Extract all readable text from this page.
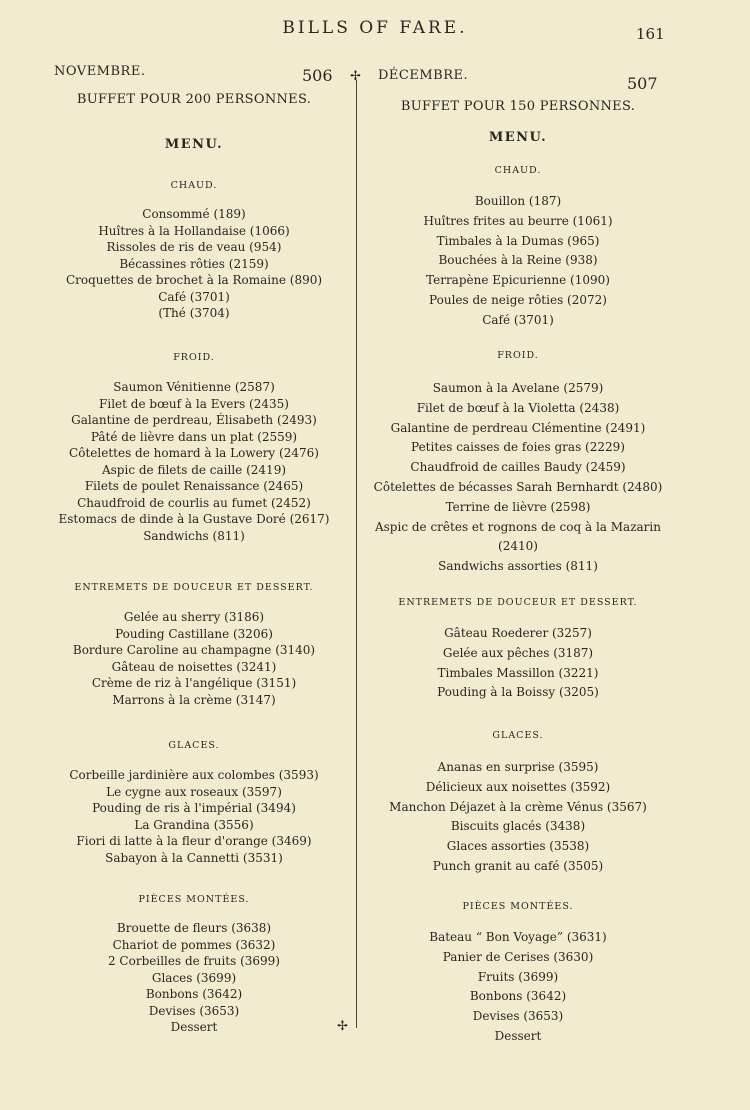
BILLS OF FARE.	161
✢
✢
NOVEMBRE.	506
BUFFET POUR 200 PERSONNES.
MENU.
CHAUD.
Consommé (189)
Huîtres à la Hollandaise (1066)
Rissoles de ris de veau (954)
Bécassines rôties (2159)
Croquettes de brochet à la Romaine (890)
Café (3701)
(Thé (3704)
FROID.
Saumon Vénitienne (2587)
Filet de bœuf à la Evers (2435)
Galantine de perdreau, Élisabeth (2493)
Pâté de lièvre dans un plat (2559)
Côtelettes de homard à la Lowery (2476)
Aspic de filets de caille (2419)
Filets de poulet Renaissance (2465)
Chaudfroid de courlis au fumet (2452)
Estomacs de dinde à la Gustave Doré (2617)
Sandwichs (811)
ENTREMETS DE DOUCEUR ET DESSERT.
Gelée au sherry (3186)
Pouding Castillane (3206)
Bordure Caroline au champagne (3140)
Gâteau de noisettes (3241)
Crème de riz à l'angélique (3151)
Marrons à la crème (3147)
GLACES.
Corbeille jardinière aux colombes (3593)
Le cygne aux roseaux (3597)
Pouding de ris à l'impérial (3494)
La Grandina (3556)
Fiori di latte à la fleur d'orange (3469)
Sabayon à la Cannetti (3531)
PIÈCES MONTÉES.
Brouette de fleurs (3638)
Chariot de pommes (3632)
2 Corbeilles de fruits (3699)
Glaces (3699)
Bonbons (3642)
Devises (3653)
Dessert
DÉCEMBRE.	507
BUFFET POUR 150 PERSONNES.
MENU.
CHAUD.
Bouillon (187)
Huîtres frites au beurre (1061)
Timbales à la Dumas (965)
Bouchées à la Reine (938)
Terrapène Epicurienne (1090)
Poules de neige rôties (2072)
Café (3701)
FROID.
Saumon à la Avelane (2579)
Filet de bœuf à la Violetta (2438)
Galantine de perdreau Clémentine (2491)
Petites caisses de foies gras (2229)
Chaudfroid de cailles Baudy (2459)
Côtelettes de bécasses Sarah Bernhardt (2480)
Terrine de lièvre (2598)
Aspic de crêtes et rognons de coq à la Mazarin
(2410)
Sandwichs assorties (811)
ENTREMETS DE DOUCEUR ET DESSERT.
Gâteau Roederer (3257)
Gelée aux pêches (3187)
Timbales Massillon (3221)
Pouding à la Boissy (3205)
GLACES.
Ananas en surprise (3595)
Délicieux aux noisettes (3592)
Manchon Déjazet à la crème Vénus (3567)
Biscuits glacés (3438)
Glaces assorties (3538)
Punch granit au café (3505)
PIÈCES MONTÉES.
Bateau “ Bon Voyage” (3631)
Panier de Cerises (3630)
Fruits (3699)
Bonbons (3642)
Devises (3653)
Dessert
